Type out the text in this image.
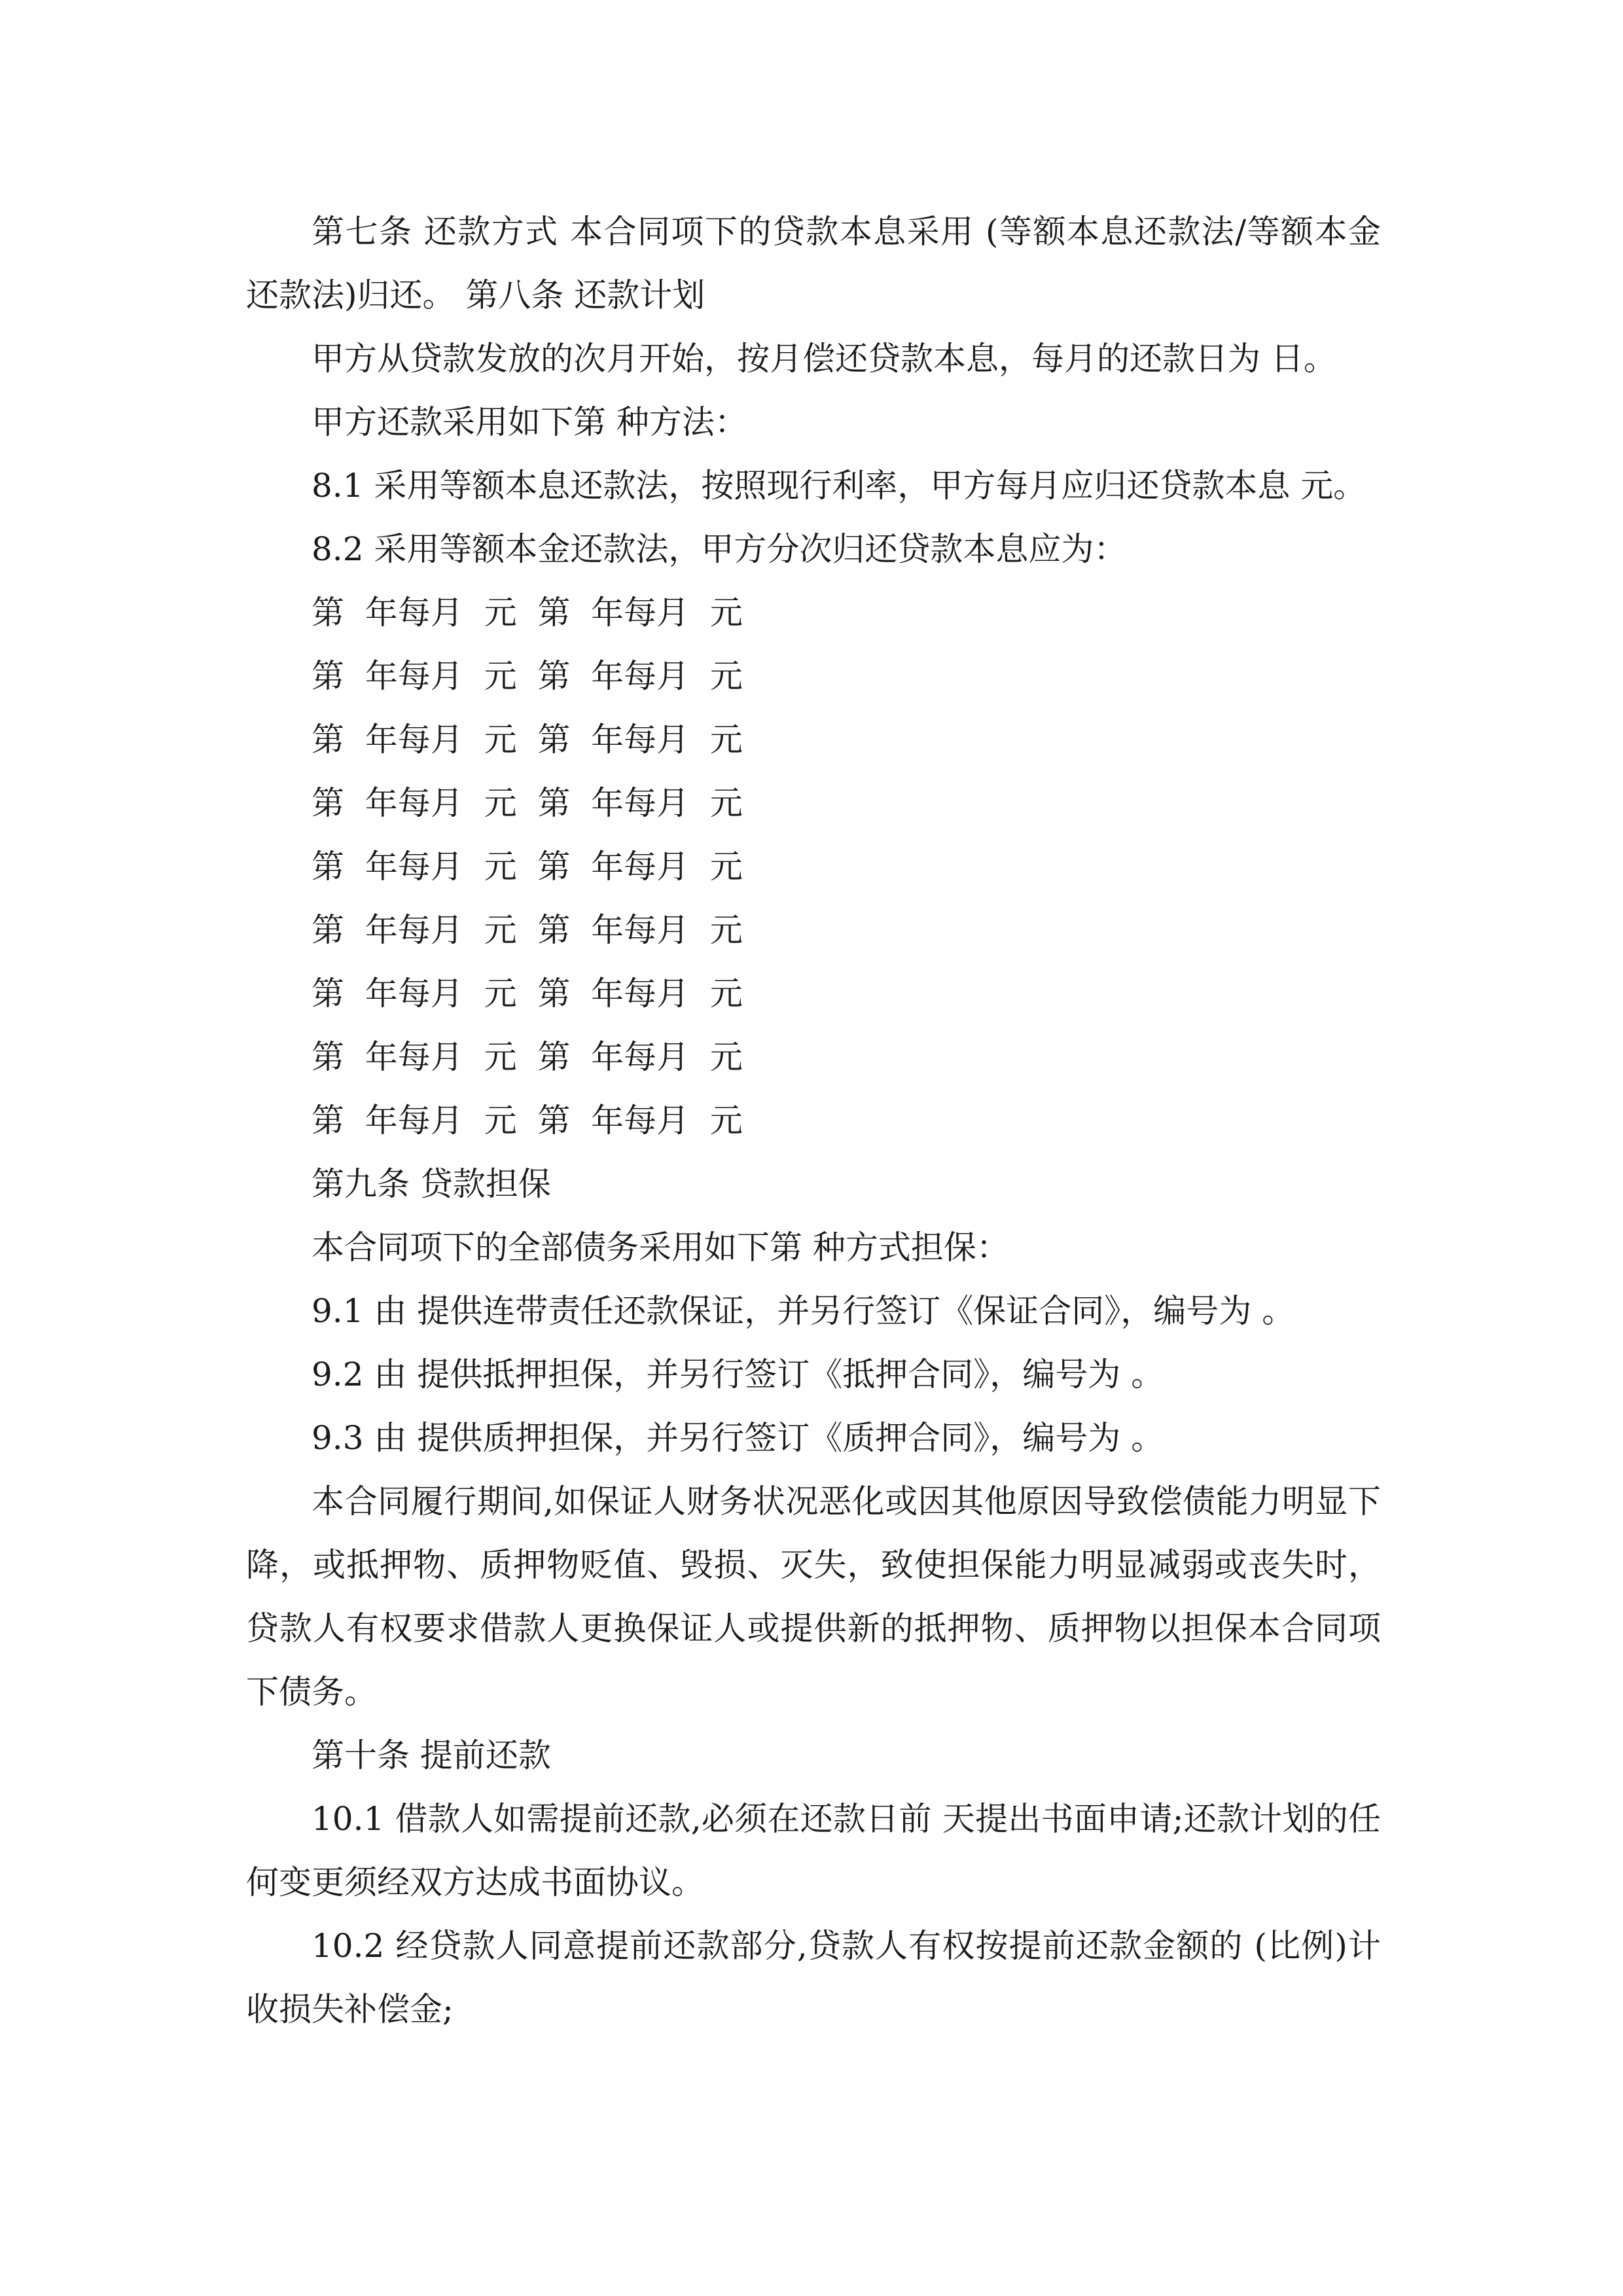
第七条 还款方式 本合同项下的贷款本息采用 (等额本息还款法/等额本金还款法)归还。 第八条 还款计划

甲方从贷款发放的次月开始，按月偿还贷款本息，每月的还款日为 日。

甲方还款采用如下第 种方法：

8.1 采用等额本息还款法，按照现行利率，甲方每月应归还贷款本息 元。

8.2 采用等额本金还款法，甲方分次归还贷款本息应为：

第  年每月  元  第  年每月  元

第  年每月  元  第  年每月  元

第  年每月  元  第  年每月  元

第  年每月  元  第  年每月  元

第  年每月  元  第  年每月  元

第  年每月  元  第  年每月  元

第  年每月  元  第  年每月  元

第  年每月  元  第  年每月  元

第  年每月  元  第  年每月  元

第九条 贷款担保

本合同项下的全部债务采用如下第 种方式担保：

9.1 由 提供连带责任还款保证，并另行签订《保证合同》，编号为 。

9.2 由 提供抵押担保，并另行签订《抵押合同》，编号为 。

9.3 由 提供质押担保，并另行签订《质押合同》，编号为 。

本合同履行期间,如保证人财务状况恶化或因其他原因导致偿债能力明显下降，或抵押物、质押物贬值、毁损、灭失，致使担保能力明显减弱或丧失时，贷款人有权要求借款人更换保证人或提供新的抵押物、质押物以担保本合同项下债务。

第十条 提前还款

10.1 借款人如需提前还款,必须在还款日前 天提出书面申请;还款计划的任何变更须经双方达成书面协议。

10.2 经贷款人同意提前还款部分,贷款人有权按提前还款金额的 (比例)计收损失补偿金;
